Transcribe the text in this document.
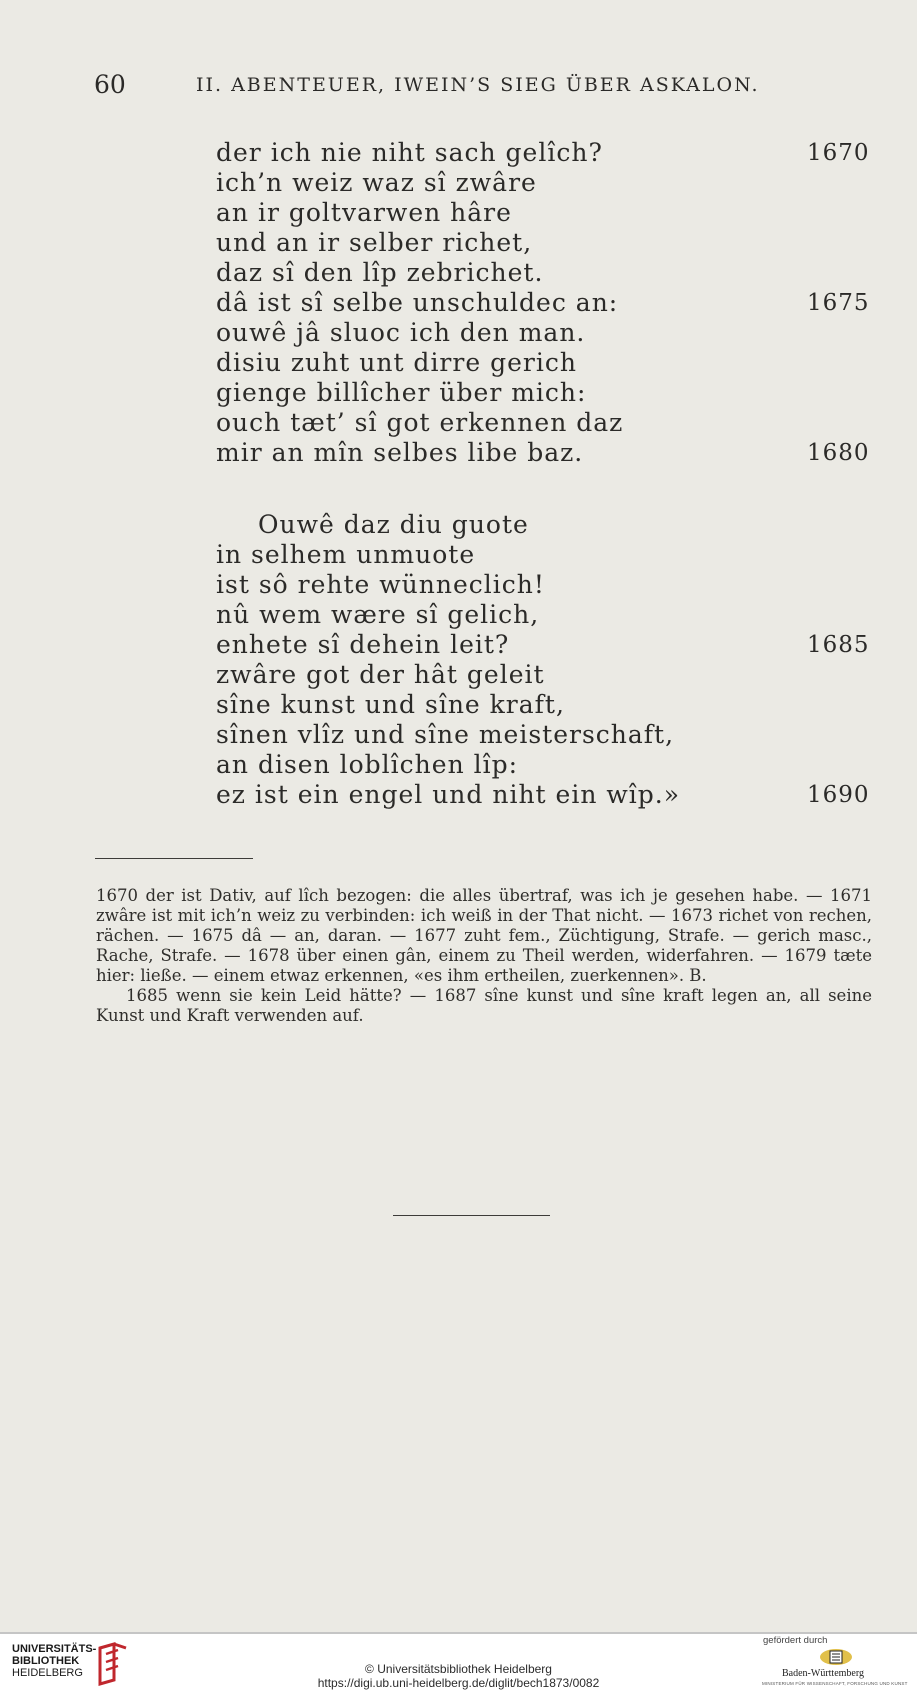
60	II. ABENTEUER, IWEIN’S SIEG ÜBER ASKALON.
der ich nie niht sach gelîch?	1670
ich’n weiz waz sî zwâre
an ir goltvarwen hâre
und an ir selber richet,
daz sî den lîp zebrichet.
dâ ist sî selbe unschuldec an:	1675
ouwê jâ sluoc ich den man.
disiu zuht unt dirre gerich
gienge billîcher über mich:
ouch tæt’ sî got erkennen daz
mir an mîn selbes libe baz.	1680
Ouwê daz diu guote
in selhem unmuote
ist sô rehte wünneclich!
nû wem wære sî gelich,
enhete sî dehein leit?	1685
zwâre got der hât geleit
sîne kunst und sîne kraft,
sînen vlîz und sîne meisterschaft,
an disen loblîchen lîp:
ez ist ein engel und niht ein wîp.»	1690

1670 der ist Dativ, auf lîch bezogen: die alles übertraf, was ich je gesehen habe. — 1671 zwâre ist mit ich’n weiz zu verbinden: ich weiß in der That nicht. — 1673 richet von rechen, rächen. — 1675 dâ — an, daran. — 1677 zuht fem., Züchtigung, Strafe. — gerich masc., Rache, Strafe. — 1678 über einen gân, einem zu Theil werden, widerfahren. — 1679 tæte hier: ließe. — einem etwaz erkennen, «es ihm ertheilen, zuerkennen». B.

1685 wenn sie kein Leid hätte? — 1687 sîne kunst und sîne kraft legen an, all seine Kunst und Kraft verwenden auf.

UNIVERSITÄTS-
BIBLIOTHEK
HEIDELBERG	© Universitätsbibliothek Heidelberg
https://digi.ub.uni-heidelberg.de/diglit/bech1873/0082
gefördert durch
Baden-Württemberg
MINISTERIUM FÜR WISSENSCHAFT, FORSCHUNG UND KUNST
